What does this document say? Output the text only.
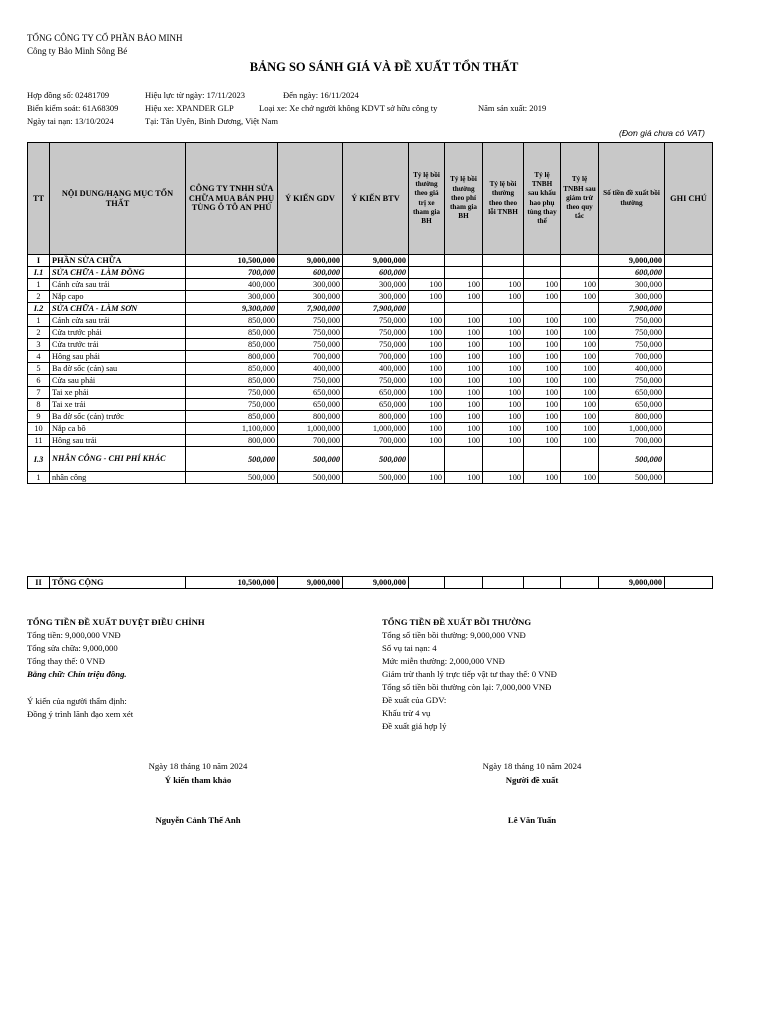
TỔNG CÔNG TY CỔ PHẦN BẢO MINH
Công ty Bảo Minh Sông Bé
BẢNG SO SÁNH GIÁ VÀ ĐỀ XUẤT TỔN THẤT
Hợp đồng số: 02481709	Hiệu lực từ ngày: 17/11/2023	Đến ngày: 16/11/2024
Biển kiểm soát: 61A68309	Hiệu xe: XPANDER GLP	Loại xe: Xe chở người không KDVT sở hữu công ty	Năm sản xuất: 2019
Ngày tai nạn: 13/10/2024	Tại: Tân Uyên, Bình Dương, Việt Nam
(Đơn giá chưa có VAT)
TT	NỘI DUNG/HẠNG MỤC TỔN THẤT	CÔNG TY TNHH SỬA CHỮA MUA BÁN PHỤ TÙNG Ô TÔ AN PHÚ	Ý KIẾN GDV	Ý KIẾN BTV	Tỷ lệ bồi thường theo giá trị xe tham gia BH	Tỷ lệ bồi thường theo phí tham gia BH	Tỷ lệ bồi thường theo theo lỗi TNBH	Tỷ lệ TNBH sau khấu hao phụ tùng thay thế	Tỷ lệ TNBH sau giảm trừ theo quy tắc	Số tiền đề xuất bồi thường	GHI CHÚ
I	PHẦN SỬA CHỮA	10,500,000	9,000,000	9,000,000						9,000,000	
I.1	SỬA CHỮA - LÀM ĐỒNG	700,000	600,000	600,000						600,000	
1	Cánh cửa sau trái	400,000	300,000	300,000	100	100	100	100	100	300,000	
2	Nắp capo	300,000	300,000	300,000	100	100	100	100	100	300,000	
I.2	SỬA CHỮA - LÀM SƠN	9,300,000	7,900,000	7,900,000						7,900,000	
1	Cánh cửa sau trái	850,000	750,000	750,000	100	100	100	100	100	750,000	
2	Cửa trước phải	850,000	750,000	750,000	100	100	100	100	100	750,000	
3	Cửa trước trái	850,000	750,000	750,000	100	100	100	100	100	750,000	
4	Hông sau phải	800,000	700,000	700,000	100	100	100	100	100	700,000	
5	Ba đờ sốc (cản) sau	850,000	400,000	400,000	100	100	100	100	100	400,000	
6	Cửa sau phải	850,000	750,000	750,000	100	100	100	100	100	750,000	
7	Tai xe phải	750,000	650,000	650,000	100	100	100	100	100	650,000	
8	Tai xe trái	750,000	650,000	650,000	100	100	100	100	100	650,000	
9	Ba đờ sốc (cản) trước	850,000	800,000	800,000	100	100	100	100	100	800,000	
10	Nắp ca bô	1,100,000	1,000,000	1,000,000	100	100	100	100	100	1,000,000	
11	Hông sau trái	800,000	700,000	700,000	100	100	100	100	100	700,000	
I.3	NHÂN CÔNG - CHI PHÍ KHÁC	500,000	500,000	500,000						500,000	
1	nhân công	500,000	500,000	500,000	100	100	100	100	100	500,000	
II	TỔNG CỘNG	10,500,000	9,000,000	9,000,000						9,000,000	
TỔNG TIỀN ĐỀ XUẤT DUYỆT ĐIỀU CHỈNH
Tổng tiền: 9,000,000 VNĐ
Tổng sửa chữa: 9,000,000
Tổng thay thế: 0 VNĐ
Bằng chữ: Chín triệu đồng.
Ý kiến của người thẩm định:
Đồng ý trình lãnh đạo xem xét
TỔNG TIỀN ĐỀ XUẤT BỒI THƯỜNG
Tổng số tiền bồi thường: 9,000,000 VNĐ
Số vụ tai nạn: 4
Mức miễn thường: 2,000,000 VNĐ
Giảm trừ thanh lý trực tiếp vật tư thay thế: 0 VNĐ
Tổng số tiền bồi thường còn lại: 7,000,000 VNĐ
Đề xuất của GDV:
Khấu trừ 4 vụ
Đề xuất giá hợp lý
Ngày 18 tháng 10 năm 2024
Ý kiến tham khảo
Nguyễn Cảnh Thế Anh
Ngày 18 tháng 10 năm 2024
Người đề xuất
Lê Văn Tuấn
